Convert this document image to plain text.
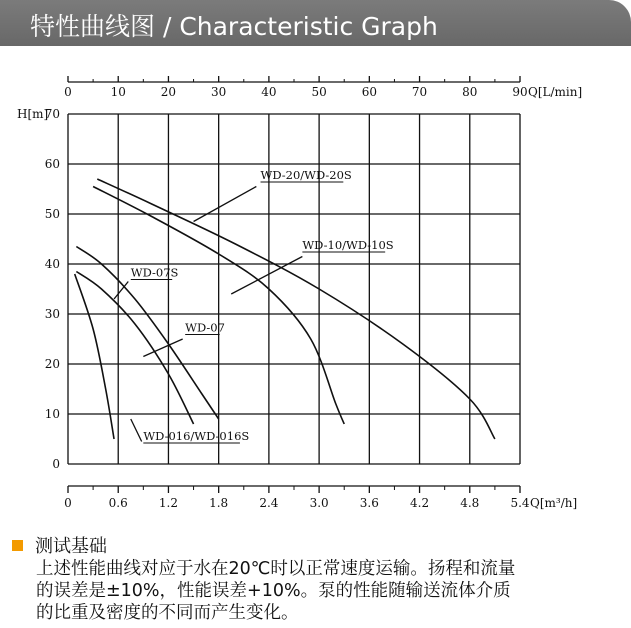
特性曲线图 / Characteristic Graph
0	10	20	30	40	50	60	70	80	90 Q[L/min]
0	0.6	1.2	1.8	2.4	3.0	3.6	4.2	4.8	5.4 Q[m³/h]
0
10
20
30
40
50
60
70
H[m]
WD-20/WD-20S
WD-10/WD-10S
WD-07S
WD-07
WD-016/WD-016S
测试基础
上述性能曲线对应于水在20℃时以正常速度运输。扬程和流量
的误差是±10%，性能误差+10%。泵的性能随输送流体介质
的比重及密度的不同而产生变化。
